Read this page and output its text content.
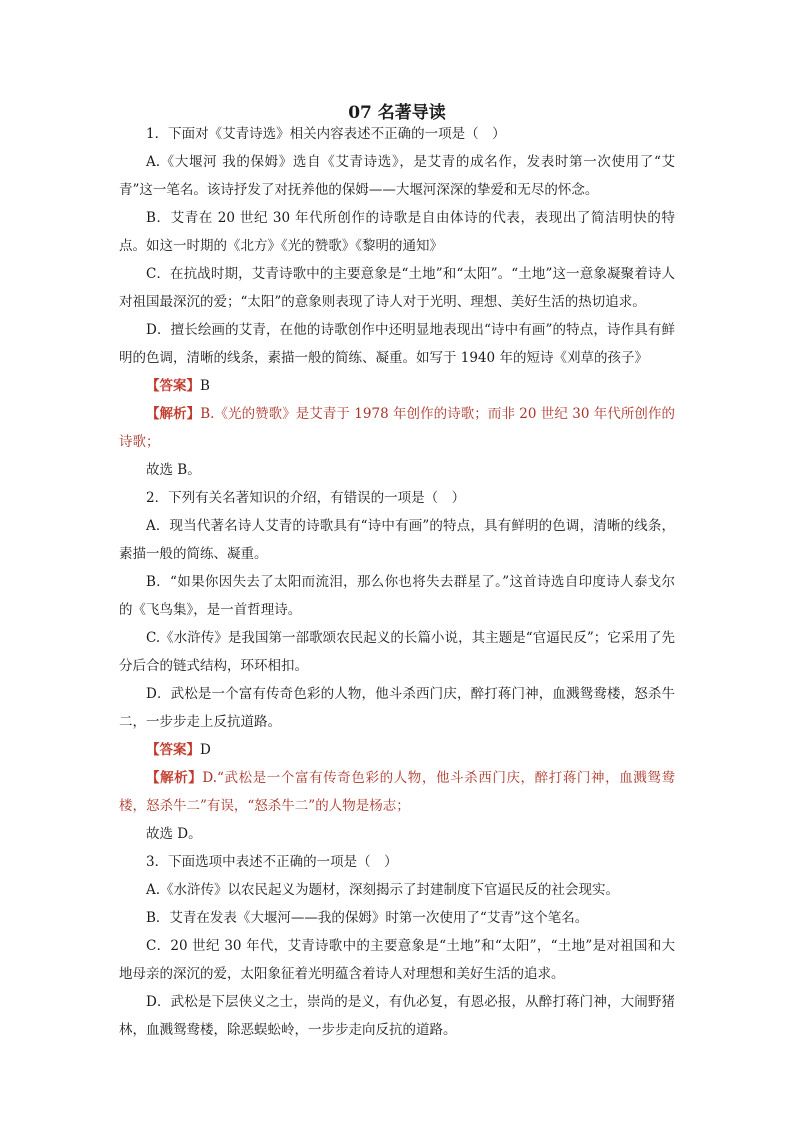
07 名著导读

1．下面对《艾青诗选》相关内容表述不正确的一项是（　）

A.《大堰河 我的保姆》选自《艾青诗选》，是艾青的成名作，发表时第一次使用了“艾青”这一笔名。该诗抒发了对抚养他的保姆——大堰河深深的挚爱和无尽的怀念。

B．艾青在 20 世纪 30 年代所创作的诗歌是自由体诗的代表，表现出了简洁明快的特点。如这一时期的《北方》《光的赞歌》《黎明的通知》

C．在抗战时期，艾青诗歌中的主要意象是“土地”和“太阳”。“土地”这一意象凝聚着诗人对祖国最深沉的爱；“太阳”的意象则表现了诗人对于光明、理想、美好生活的热切追求。

D．擅长绘画的艾青，在他的诗歌创作中还明显地表现出“诗中有画”的特点，诗作具有鲜明的色调，清晰的线条，素描一般的简练、凝重。如写于 1940 年的短诗《刈草的孩子》

【答案】B

【解析】B.《光的赞歌》是艾青于 1978 年创作的诗歌；而非 20 世纪 30 年代所创作的诗歌；

故选 B。

2．下列有关名著知识的介绍，有错误的一项是（　）

A．现当代著名诗人艾青的诗歌具有“诗中有画”的特点，具有鲜明的色调，清晰的线条，素描一般的简练、凝重。

B．“如果你因失去了太阳而流泪，那么你也将失去群星了。”这首诗选自印度诗人泰戈尔的《飞鸟集》，是一首哲理诗。

C.《水浒传》是我国第一部歌颂农民起义的长篇小说，其主题是“官逼民反”；它采用了先分后合的链式结构，环环相扣。

D．武松是一个富有传奇色彩的人物，他斗杀西门庆，醉打蒋门神，血溅鸳鸯楼，怒杀牛二，一步步走上反抗道路。

【答案】D

【解析】D.“武松是一个富有传奇色彩的人物，他斗杀西门庆，醉打蒋门神，血溅鸳鸯楼，怒杀牛二”有误，“怒杀牛二”的人物是杨志；

故选 D。

3．下面选项中表述不正确的一项是（　）

A.《水浒传》以农民起义为题材，深刻揭示了封建制度下官逼民反的社会现实。

B．艾青在发表《大堰河——我的保姆》时第一次使用了“艾青”这个笔名。

C．20 世纪 30 年代，艾青诗歌中的主要意象是“土地”和“太阳”，“土地”是对祖国和大地母亲的深沉的爱，太阳象征着光明蕴含着诗人对理想和美好生活的追求。

D．武松是下层侠义之士，崇尚的是义，有仇必复，有恩必报，从醉打蒋门神，大闹野猪林，血溅鸳鸯楼，除恶蜈蚣岭，一步步走向反抗的道路。
